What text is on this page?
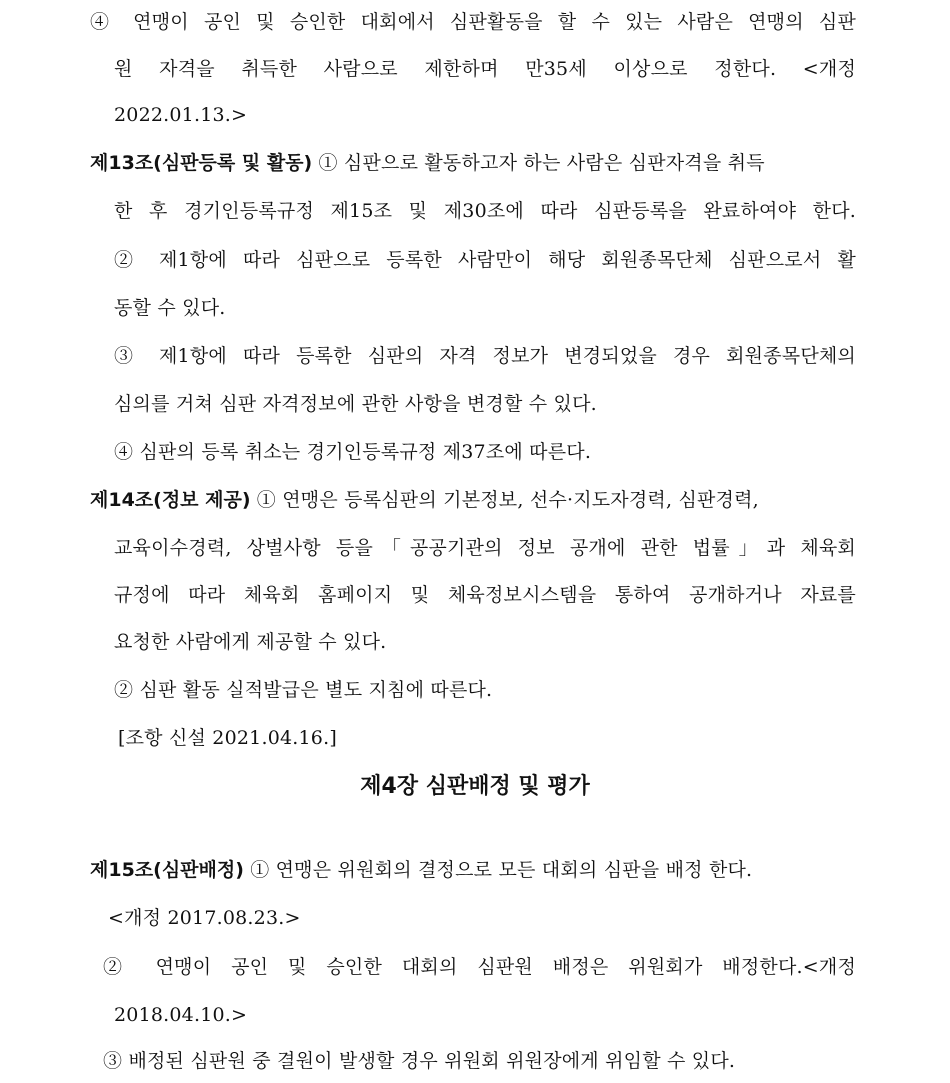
④ 연맹이 공인 및 승인한 대회에서 심판활동을 할 수 있는 사람은 연맹의 심판
원 자격을 취득한 사람으로 제한하며 만35세 이상으로 정한다. <개정
2022.01.13.>
제13조(심판등록 및 활동) ① 심판으로 활동하고자 하는 사람은 심판자격을 취득
한 후 경기인등록규정 제15조 및 제30조에 따라 심판등록을 완료하여야 한다.
② 제1항에 따라 심판으로 등록한 사람만이 해당 회원종목단체 심판으로서 활
동할 수 있다.
③ 제1항에 따라 등록한 심판의 자격 정보가 변경되었을 경우 회원종목단체의
심의를 거쳐 심판 자격정보에 관한 사항을 변경할 수 있다.
④ 심판의 등록 취소는 경기인등록규정 제37조에 따른다.
제14조(정보 제공) ① 연맹은 등록심판의 기본정보, 선수·지도자경력, 심판경력,
교육이수경력, 상벌사항 등을「공공기관의 정보 공개에 관한 법률」과 체육회
규정에 따라 체육회 홈페이지 및 체육정보시스템을 통하여 공개하거나 자료를
요청한 사람에게 제공할 수 있다.
② 심판 활동 실적발급은 별도 지침에 따른다.
[조항 신설 2021.04.16.]
제4장 심판배정 및 평가
제15조(심판배정) ① 연맹은 위원회의 결정으로 모든 대회의 심판을 배정 한다.
<개정 2017.08.23.>
② 연맹이 공인 및 승인한 대회의 심판원 배정은 위원회가 배정한다.<개정
2018.04.10.>
③ 배정된 심판원 중 결원이 발생할 경우 위원회 위원장에게 위임할 수 있다.
